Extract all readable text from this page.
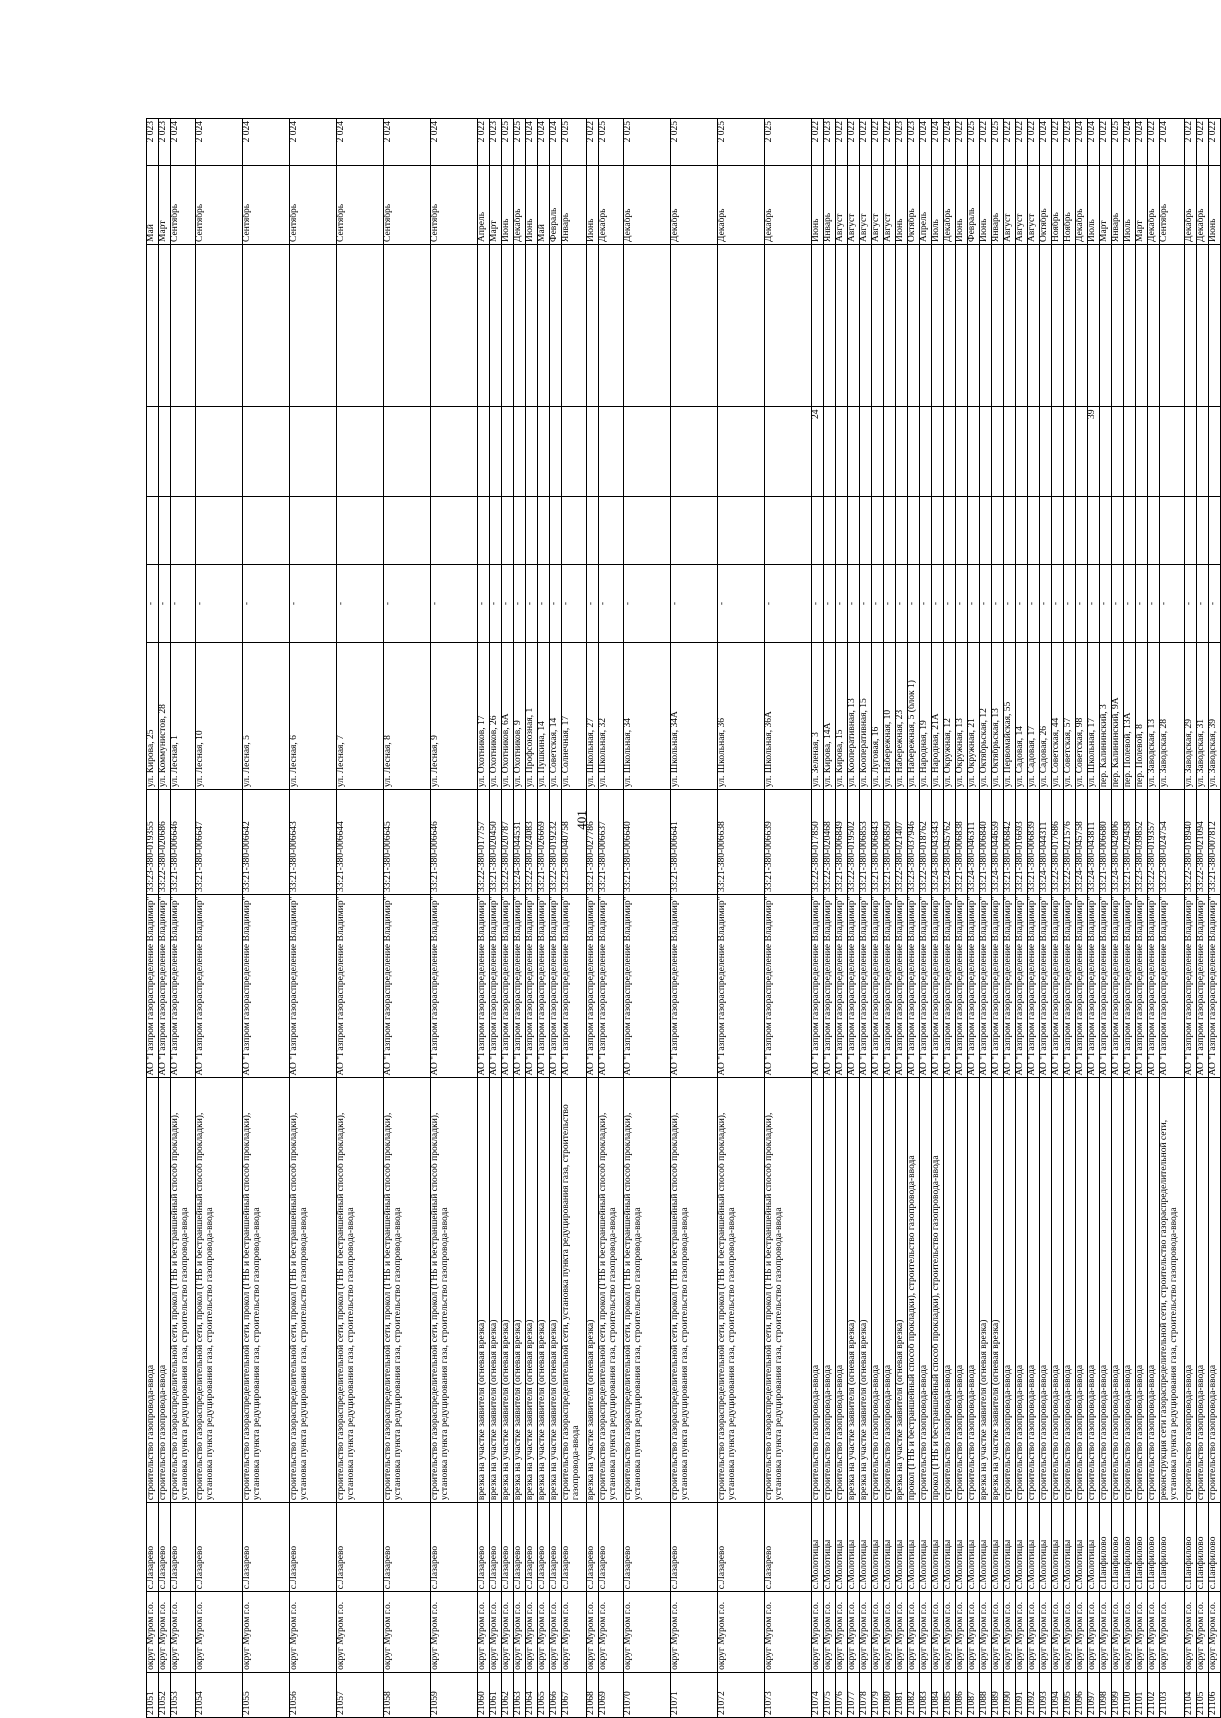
401
21051	округ Муром г.о.	с.Лазарево	строительство газопровода-ввода	АО "Газпром газораспределение Владимир"	33:23-380-019355	ул. Кирова, 25	-				Май	2 023
21052	округ Муром г.о.	с.Лазарево	строительство газопровода-ввода	АО "Газпром газораспределение Владимир"	33:22-380-020686	ул. Коммунистов, 28	-				Март	2 023
21053	округ Муром г.о.	с.Лазарево	строительство газораспределительной сети, прокол (ГНБ и бестраншейный способ прокладки), установка пункта редуцирования газа, строительство газопровода-ввода	АО "Газпром газораспределение Владимир"	33:21-380-006646	ул. Лесная, 1	-				Сентябрь	2 024
21054	округ Муром г.о.	с.Лазарево	строительство газораспределительной сети, прокол (ГНБ и бестраншейный способ прокладки), установка пункта редуцирования газа, строительство газопровода-ввода	АО "Газпром газораспределение Владимир"	33:21-380-006647	ул. Лесная, 10	-				Сентябрь	2 024
21055	округ Муром г.о.	с.Лазарево	строительство газораспределительной сети, прокол (ГНБ и бестраншейный способ прокладки), установка пункта редуцирования газа, строительство газопровода-ввода	АО "Газпром газораспределение Владимир"	33:21-380-006642	ул. Лесная, 5	-				Сентябрь	2 024
21056	округ Муром г.о.	с.Лазарево	строительство газораспределительной сети, прокол (ГНБ и бестраншейный способ прокладки), установка пункта редуцирования газа, строительство газопровода-ввода	АО "Газпром газораспределение Владимир"	33:21-380-006643	ул. Лесная, 6	-				Сентябрь	2 024
21057	округ Муром г.о.	с.Лазарево	строительство газораспределительной сети, прокол (ГНБ и бестраншейный способ прокладки), установка пункта редуцирования газа, строительство газопровода-ввода	АО "Газпром газораспределение Владимир"	33:21-380-006644	ул. Лесная, 7	-				Сентябрь	2 024
21058	округ Муром г.о.	с.Лазарево	строительство газораспределительной сети, прокол (ГНБ и бестраншейный способ прокладки), установка пункта редуцирования газа, строительство газопровода-ввода	АО "Газпром газораспределение Владимир"	33:21-380-006645	ул. Лесная, 8	-				Сентябрь	2 024
21059	округ Муром г.о.	с.Лазарево	строительство газораспределительной сети, прокол (ГНБ и бестраншейный способ прокладки), установка пункта редуцирования газа, строительство газопровода-ввода	АО "Газпром газораспределение Владимир"	33:21-380-006646	ул. Лесная, 9	-				Сентябрь	2 024
21060	округ Муром г.о.	с.Лазарево	врезка на участке заявителя (огневая врезка)	АО "Газпром газораспределение Владимир"	33:22-380-017757	ул. Охотников, 17	-				Апрель	2 022
21061	округ Муром г.о.	с.Лазарево	врезка на участке заявителя (огневая врезка)	АО "Газпром газораспределение Владимир"	33:21-380-020450	ул. Охотников, 26	-				Март	2 023
21062	округ Муром г.о.	с.Лазарево	врезка на участке заявителя (огневая врезка)	АО "Газпром газораспределение Владимир"	33:22-380-020787	ул. Охотников, 6А	-				Июнь	2 025
21063	округ Муром г.о.	с.Лазарево	врезка на участке заявителя (огневая врезка)	АО "Газпром газораспределение Владимир"	33:24-380-044531	ул. Охотников, 9	-				Декабрь	2 025
21064	округ Муром г.о.	с.Лазарево	врезка на участке заявителя (огневая врезка)	АО "Газпром газораспределение Владимир"	33:22-380-024083	ул. Профсоюзная, 1	-				Июнь	2 024
21065	округ Муром г.о.	с.Лазарево	врезка на участке заявителя (огневая врезка)	АО "Газпром газораспределение Владимир"	33:21-380-026669	ул. Пушкина, 14	-				Май	2 024
21066	округ Муром г.о.	с.Лазарево	врезка на участке заявителя (огневая врезка)	АО "Газпром газораспределение Владимир"	33:22-380-019232	ул. Советская, 14	-				Февраль	2 024
21067	округ Муром г.о.	с.Лазарево	строительство газораспределительной сети, установка пункта редуцирования газа, строительство газопровода-ввода	АО "Газпром газораспределение Владимир"	33:23-380-040758	ул. Солнечная, 17	-				Январь	2 025
21068	округ Муром г.о.	с.Лазарево	врезка на участке заявителя (огневая врезка)	АО "Газпром газораспределение Владимир"	33:21-380-027786	ул. Школьная, 27	-				Июнь	2 022
21069	округ Муром г.о.	с.Лазарево	строительство газораспределительной сети, прокол (ГНБ и бестраншейный способ прокладки), установка пункта редуцирования газа, строительство газопровода-ввода	АО "Газпром газораспределение Владимир"	33:21-380-006637	ул. Школьная, 32	-				Декабрь	2 025
21070	округ Муром г.о.	с.Лазарево	строительство газораспределительной сети, прокол (ГНБ и бестраншейный способ прокладки), установка пункта редуцирования газа, строительство газопровода-ввода	АО "Газпром газораспределение Владимир"	33:21-380-006640	ул. Школьная, 34	-				Декабрь	2 025
21071	округ Муром г.о.	с.Лазарево	строительство газораспределительной сети, прокол (ГНБ и бестраншейный способ прокладки), установка пункта редуцирования газа, строительство газопровода-ввода	АО "Газпром газораспределение Владимир"	33:21-380-006641	ул. Школьная, 34А	-				Декабрь	2 025
21072	округ Муром г.о.	с.Лазарево	строительство газораспределительной сети, прокол (ГНБ и бестраншейный способ прокладки), установка пункта редуцирования газа, строительство газопровода-ввода	АО "Газпром газораспределение Владимир"	33:21-380-006638	ул. Школьная, 36	-				Декабрь	2 025
21073	округ Муром г.о.	с.Лазарево	строительство газораспределительной сети, прокол (ГНБ и бестраншейный способ прокладки), установка пункта редуцирования газа, строительство газопровода-ввода	АО "Газпром газораспределение Владимир"	33:21-380-006639	ул. Школьная, 36А	-				Декабрь	2 025
21074	округ Муром г.о.	с.Молотицы	строительство газопровода-ввода	АО "Газпром газораспределение Владимир"	33:22-380-017850	ул. Зеленая, 3	-		24		Июнь	2 022
21075	округ Муром г.о.	с.Молотицы	строительство газопровода-ввода	АО "Газпром газораспределение Владимир"	33:22-380-020468	ул. Кирова, 14А	-				Январь	2 023
21076	округ Муром г.о.	с.Молотицы	строительство газопровода-ввода	АО "Газпром газораспределение Владимир"	33:21-380-006849	ул. Кирова, 15	-				Август	2 022
21077	округ Муром г.о.	с.Молотицы	врезка на участке заявителя (огневая врезка)	АО "Газпром газораспределение Владимир"	33:22-380-019502	ул. Кооперативная, 13	-				Август	2 022
21078	округ Муром г.о.	с.Молотицы	врезка на участке заявителя (огневая врезка)	АО "Газпром газораспределение Владимир"	33:21-380-006853	ул. Кооперативная, 15	-				Август	2 022
21079	округ Муром г.о.	с.Молотицы	строительство газопровода-ввода	АО "Газпром газораспределение Владимир"	33:21-380-006843	ул. Луговая, 16	-				Август	2 022
21080	округ Муром г.о.	с.Молотицы	строительство газопровода-ввода	АО "Газпром газораспределение Владимир"	33:21-380-006850	ул. Набережная, 10	-				Август	2 022
21081	округ Муром г.о.	с.Молотицы	врезка на участке заявителя (огневая врезка)	АО "Газпром газораспределение Владимир"	33:22-380-021407	ул. Набережная, 23	-				Июнь	2 023
21082	округ Муром г.о.	с.Молотицы	прокол (ГНБ и бестраншейный способ прокладки), строительство газопровода-ввода	АО "Газпром газораспределение Владимир"	33:23-380-037946	ул. Набережная, 5 (блок 1)	-				Октябрь	2 023
21083	округ Муром г.о.	с.Молотицы	строительство газопровода-ввода	АО "Газпром газораспределение Владимир"	33:22-380-018762	ул. Народная, 19	-				Апрель	2 024
21084	округ Муром г.о.	с.Молотицы	прокол (ГНБ и бестраншейный способ прокладки), строительство газопровода-ввода	АО "Газпром газораспределение Владимир"	33:24-380-043343	ул. Народная, 21А	-				Июль	2 024
21085	округ Муром г.о.	с.Молотицы	строительство газопровода-ввода	АО "Газпром газораспределение Владимир"	33:24-380-045762	ул. Окружная, 12	-				Декабрь	2 024
21086	округ Муром г.о.	с.Молотицы	строительство газопровода-ввода	АО "Газпром газораспределение Владимир"	33:21-380-006838	ул. Окружная, 13	-				Июнь	2 022
21087	округ Муром г.о.	с.Молотицы	строительство газопровода-ввода	АО "Газпром газораспределение Владимир"	33:24-380-046311	ул. Окружная, 21	-				Февраль	2 025
21088	округ Муром г.о.	с.Молотицы	врезка на участке заявителя (огневая врезка)	АО "Газпром газораспределение Владимир"	33:21-380-006840	ул. Октябрьская, 12	-				Июнь	2 022
21089	округ Муром г.о.	с.Молотицы	врезка на участке заявителя (огневая врезка)	АО "Газпром газораспределение Владимир"	33:24-380-044659	ул. Октябрьская, 13	-				Январь	2 025
21090	округ Муром г.о.	с.Молотицы	строительство газопровода-ввода	АО "Газпром газораспределение Владимир"	33:21-380-006842	ул. Первомайская, 55	-				Август	2 022
21091	округ Муром г.о.	с.Молотицы	строительство газопровода-ввода	АО "Газпром газораспределение Владимир"	33:21-380-016693	ул. Садовая, 14	-				Август	2 022
21092	округ Муром г.о.	с.Молотицы	строительство газопровода-ввода	АО "Газпром газораспределение Владимир"	33:21-380-006839	ул. Садовая, 17	-				Август	2 022
21093	округ Муром г.о.	с.Молотицы	строительство газопровода-ввода	АО "Газпром газораспределение Владимир"	33:24-380-044311	ул. Садовая, 26	-				Октябрь	2 024
21094	округ Муром г.о.	с.Молотицы	строительство газопровода-ввода	АО "Газпром газораспределение Владимир"	33:22-380-017686	ул. Советская, 44	-				Ноябрь	2 022
21095	округ Муром г.о.	с.Молотицы	строительство газопровода-ввода	АО "Газпром газораспределение Владимир"	33:22-380-021576	ул. Советская, 57	-				Ноябрь	2 023
21096	округ Муром г.о.	с.Молотицы	строительство газопровода-ввода	АО "Газпром газораспределение Владимир"	33:24-380-045758	ул. Советская, 98	-				Декабрь	2 024
21097	округ Муром г.о.	с.Молотицы	строительство газопровода-ввода	АО "Газпром газораспределение Владимир"	33:24-380-043811	ул. Школьная, 17	-		39		Июль	2 024
21098	округ Муром г.о.	с.Панфилово	строительство газопровода-ввода	АО "Газпром газораспределение Владимир"	33:21-380-006680	пер. Калининский, 3	-				Март	2 022
21099	округ Муром г.о.	с.Панфилово	строительство газопровода-ввода	АО "Газпром газораспределение Владимир"	33:24-380-042806	пер. Калининский, 9А	-				Январь	2 025
21100	округ Муром г.о.	с.Панфилово	строительство газопровода-ввода	АО "Газпром газораспределение Владимир"	33:21-380-029458	пер. Полевой, 13А	-				Июль	2 024
21101	округ Муром г.о.	с.Панфилово	строительство газопровода-ввода	АО "Газпром газораспределение Владимир"	33:23-380-039852	пер. Полевой, 8	-				Март	2 024
21102	округ Муром г.о.	с.Панфилово	строительство газопровода-ввода	АО "Газпром газораспределение Владимир"	33:22-380-019357	ул. Заводская, 13	-				Декабрь	2 022
21103	округ Муром г.о.	с.Панфилово	реконструкция сети газораспределительной сети, строительство газораспределительной сети, установка пункта редуцирования газа, строительство газопровода-ввода	АО "Газпром газораспределение Владимир"	33:23-380-024754	ул. Заводская, 28	-				Сентябрь	2 024
21104	округ Муром г.о.	с.Панфилово	строительство газопровода-ввода	АО "Газпром газораспределение Владимир"	33:22-380-018940	ул. Заводская, 29	-				Декабрь	2 022
21105	округ Муром г.о.	с.Панфилово	строительство газопровода-ввода	АО "Газпром газораспределение Владимир"	33:22-380-021094	ул. Заводская, 31	-				Декабрь	2 022
21106	округ Муром г.о.	с.Панфилово	строительство газопровода-ввода	АО "Газпром газораспределение Владимир"	33:21-380-007812	ул. Заводская, 39	-				Июнь	2 022
